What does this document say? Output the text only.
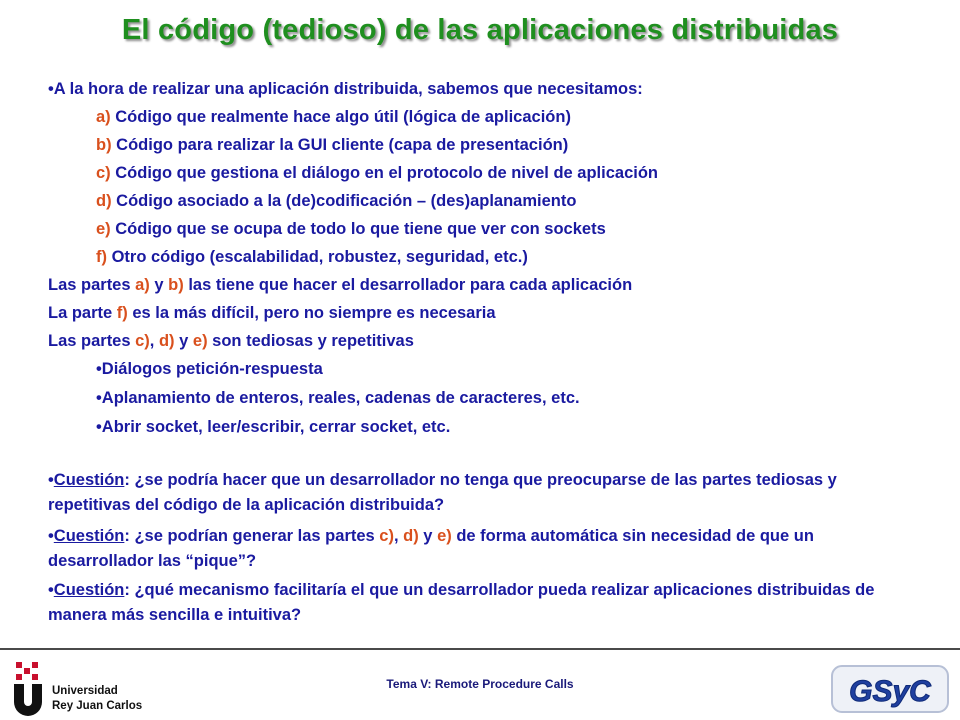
El código (tedioso) de las aplicaciones distribuidas
•A la hora de realizar una aplicación distribuida, sabemos que necesitamos:
a) Código que realmente hace algo útil (lógica de aplicación)
b) Código para realizar la GUI cliente (capa de presentación)
c) Código que gestiona el diálogo en el protocolo de nivel de aplicación
d) Código asociado a la (de)codificación – (des)aplanamiento
e) Código que se ocupa de todo lo que tiene que ver con sockets
f) Otro código (escalabilidad, robustez, seguridad, etc.)
Las partes a) y b) las tiene que hacer el desarrollador para cada aplicación
La parte f) es la más difícil, pero no siempre es necesaria
Las partes c), d) y e) son tediosas y repetitivas
•Diálogos petición-respuesta
•Aplanamiento de enteros, reales, cadenas de caracteres, etc.
•Abrir socket, leer/escribir, cerrar socket, etc.
•Cuestión: ¿se podría hacer que un desarrollador no tenga que preocuparse de las partes tediosas y repetitivas del código de la aplicación distribuida?
•Cuestión: ¿se podrían generar las partes c), d) y e) de forma automática sin necesidad de que un desarrollador las “pique”?
•Cuestión: ¿qué mecanismo facilitaría el que un desarrollador pueda realizar aplicaciones distribuidas de manera más sencilla e intuitiva?
Universidad
Rey Juan Carlos
Tema V: Remote Procedure Calls	GSyC
